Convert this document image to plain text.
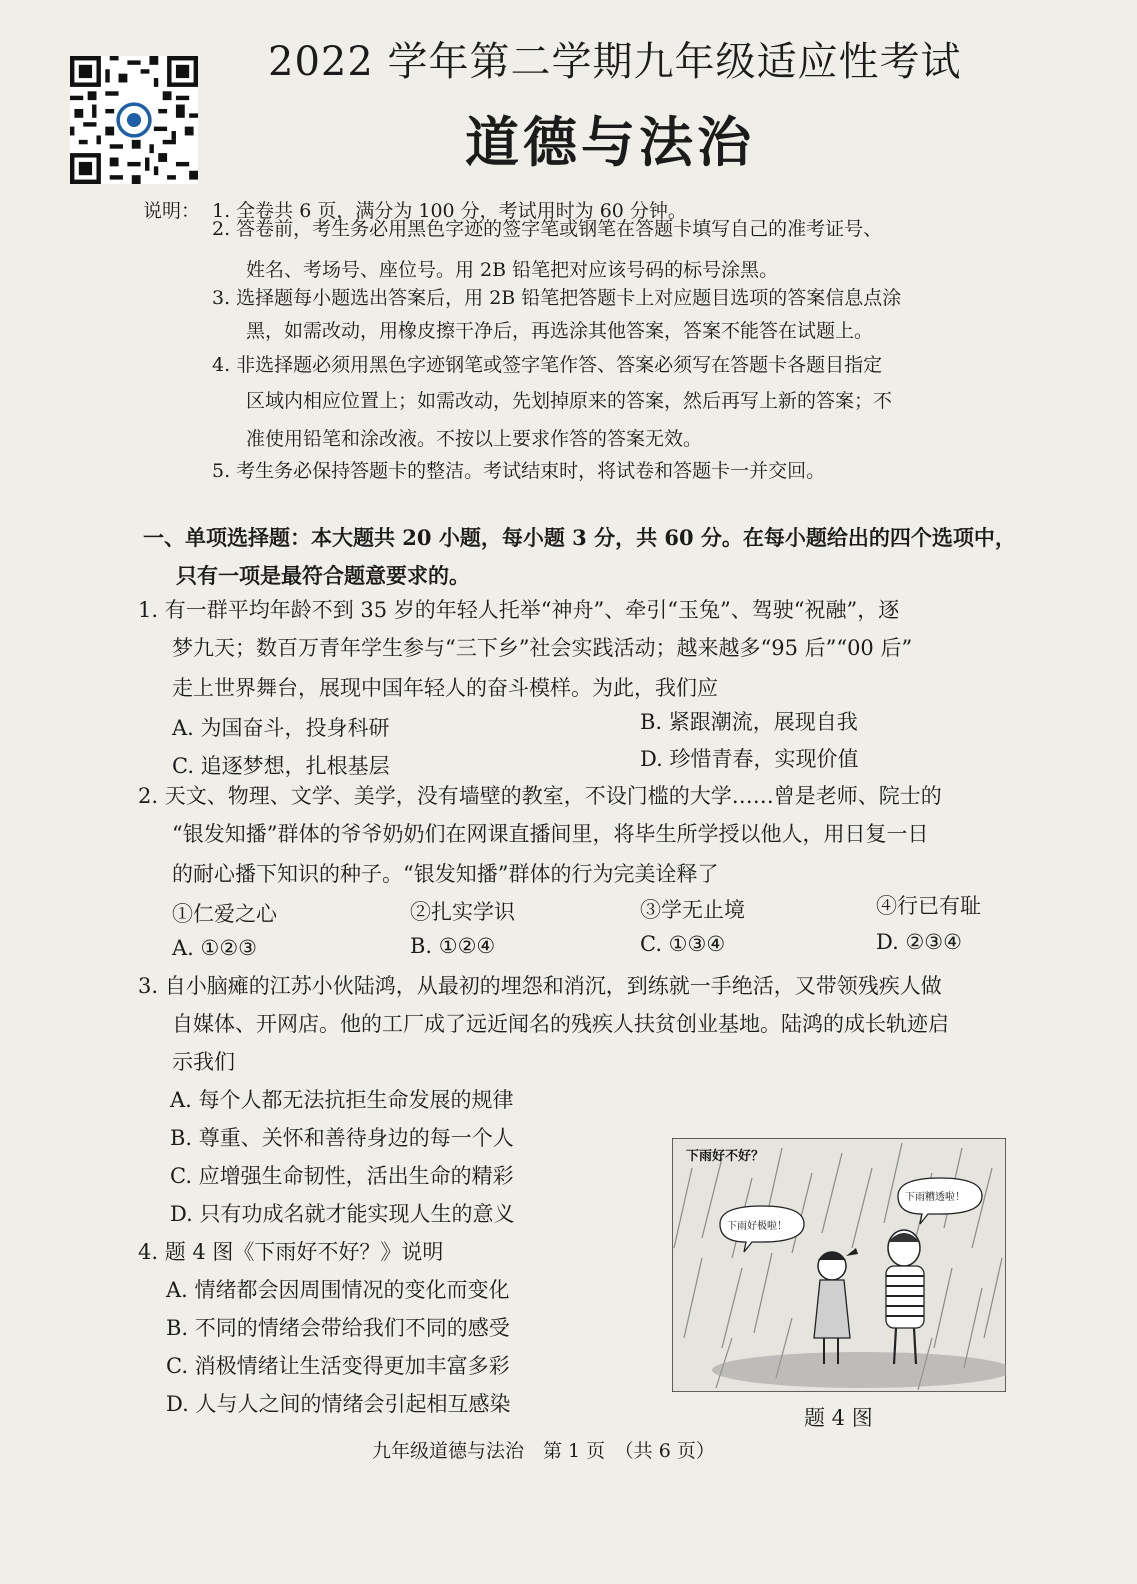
2022 学年第二学期九年级适应性考试
道德与法治
说明： 1. 全卷共 6 页，满分为 100 分，考试用时为 60 分钟。
2. 答卷前，考生务必用黑色字迹的签字笔或钢笔在答题卡填写自己的准考证号、
姓名、考场号、座位号。用 2B 铅笔把对应该号码的标号涂黑。
3. 选择题每小题选出答案后，用 2B 铅笔把答题卡上对应题目选项的答案信息点涂
黑，如需改动，用橡皮擦干净后，再选涂其他答案，答案不能答在试题上。
4. 非选择题必须用黑色字迹钢笔或签字笔作答、答案必须写在答题卡各题目指定
区域内相应位置上；如需改动，先划掉原来的答案，然后再写上新的答案；不
准使用铅笔和涂改液。不按以上要求作答的答案无效。
5. 考生务必保持答题卡的整洁。考试结束时，将试卷和答题卡一并交回。
一、单项选择题：本大题共 20 小题，每小题 3 分，共 60 分。在每小题给出的四个选项中，
只有一项是最符合题意要求的。
1. 有一群平均年龄不到 35 岁的年轻人托举“神舟”、牵引“玉兔”、驾驶“祝融”，逐
梦九天；数百万青年学生参与“三下乡”社会实践活动；越来越多“95 后”“00 后”
走上世界舞台，展现中国年轻人的奋斗模样。为此，我们应
A. 为国奋斗，投身科研	B. 紧跟潮流，展现自我
C. 追逐梦想，扎根基层	D. 珍惜青春，实现价值
2. 天文、物理、文学、美学，没有墙壁的教室，不设门槛的大学……曾是老师、院士的
“银发知播”群体的爷爷奶奶们在网课直播间里，将毕生所学授以他人，用日复一日
的耐心播下知识的种子。“银发知播”群体的行为完美诠释了
①仁爱之心	②扎实学识	③学无止境	④行已有耻
A. ①②③	B. ①②④	C. ①③④	D. ②③④
3. 自小脑瘫的江苏小伙陆鸿，从最初的埋怨和消沉，到练就一手绝活，又带领残疾人做
自媒体、开网店。他的工厂成了远近闻名的残疾人扶贫创业基地。陆鸿的成长轨迹启
示我们
A. 每个人都无法抗拒生命发展的规律
B. 尊重、关怀和善待身边的每一个人
C. 应增强生命韧性，活出生命的精彩
D. 只有功成名就才能实现人生的意义
4. 题 4 图《下雨好不好？》说明
A. 情绪都会因周围情况的变化而变化
B. 不同的情绪会带给我们不同的感受
C. 消极情绪让生活变得更加丰富多彩
D. 人与人之间的情绪会引起相互感染
下雨好不好？
下雨好极啦！
下雨糟透啦！
题 4 图
九年级道德与法治　第 1 页　（共 6 页）
